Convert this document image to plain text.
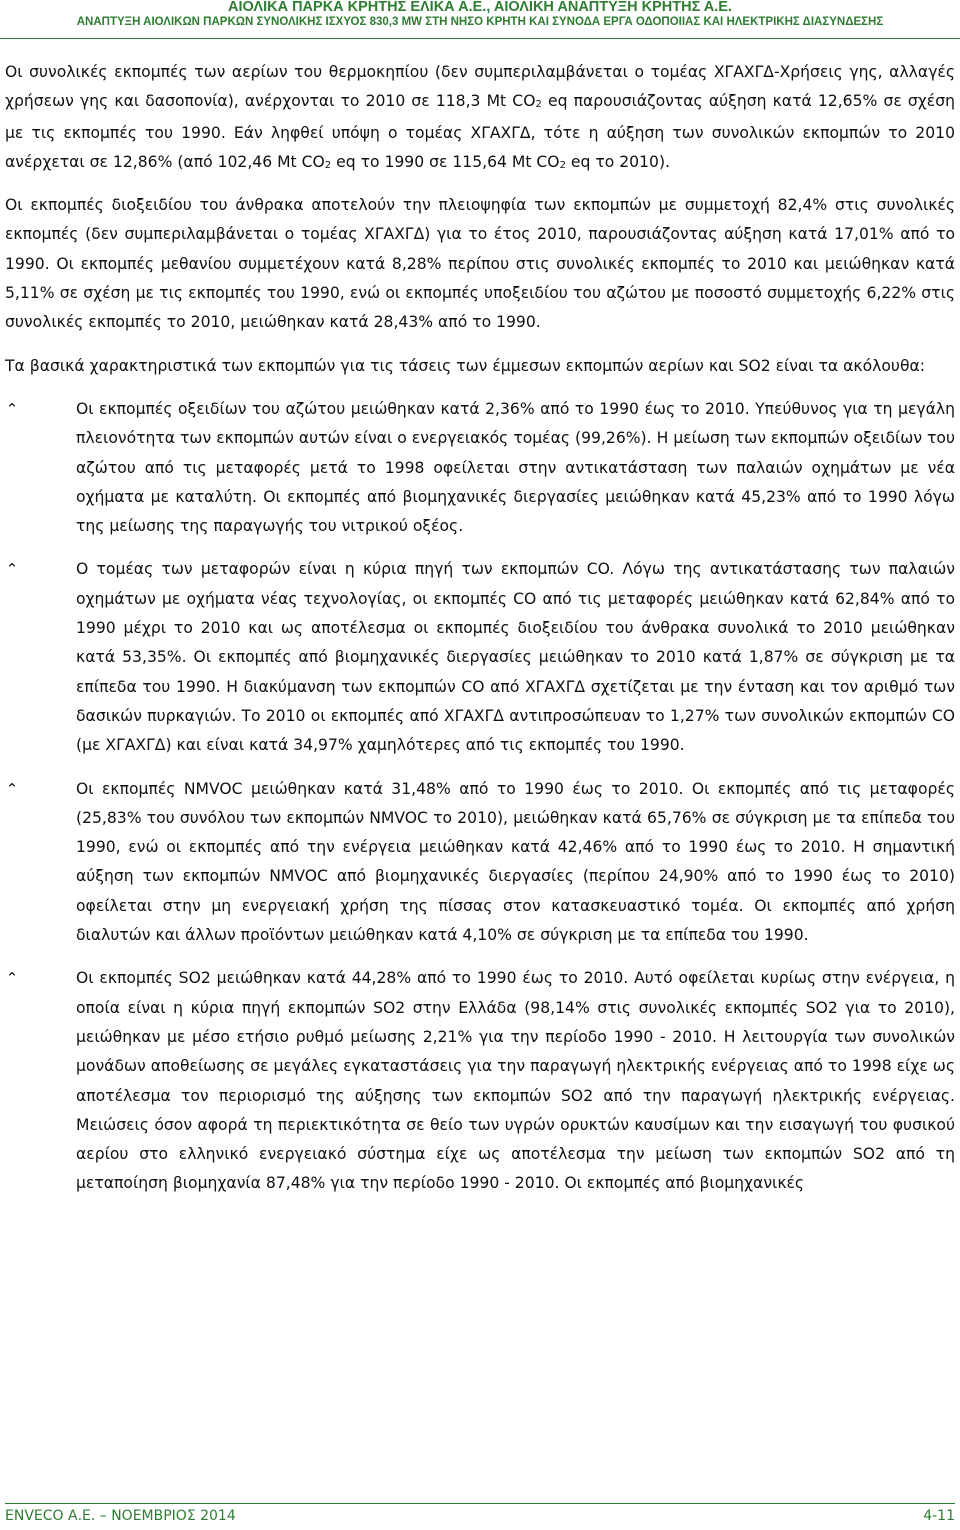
ΑΙΟΛΙΚΑ ΠΑΡΚΑ ΚΡΗΤΗΣ ΕΛΙΚΑ Α.Ε., ΑΙΟΛΙΚΗ ΑΝΑΠΤΥΞΗ ΚΡΗΤΗΣ Α.Ε.
ΑΝΑΠΤΥΞΗ ΑΙΟΛΙΚΩΝ ΠΑΡΚΩΝ ΣΥΝΟΛΙΚΗΣ ΙΣΧΥΟΣ 830,3 MW ΣΤΗ ΝΗΣΟ ΚΡΗΤΗ ΚΑΙ ΣΥΝΟΔΑ ΕΡΓΑ ΟΔΟΠΟΙΙΑΣ ΚΑΙ ΗΛΕΚΤΡΙΚΗΣ ΔΙΑΣΥΝΔΕΣΗΣ

Οι συνολικές εκπομπές των αερίων του θερμοκηπίου (δεν συμπεριλαμβάνεται ο τομέας ΧΓΑΧΓΔ-Χρήσεις γης, αλλαγές χρήσεων γης και δασοπονία), ανέρχονται το 2010 σε 118,3 Mt $CO_2$ eq παρουσιάζοντας αύξηση κατά 12,65% σε σχέση με τις εκπομπές του 1990. Εάν ληφθεί υπόψη ο τομέας ΧΓΑΧΓΔ, τότε η αύξηση των συνολικών εκπομπών το 2010 ανέρχεται σε 12,86% (από 102,46 Mt $CO_2$ eq το 1990 σε 115,64 Mt $CO_2$ eq το 2010).

Οι εκπομπές διοξειδίου του άνθρακα αποτελούν την πλειοψηφία των εκπομπών με συμμετοχή 82,4% στις συνολικές εκπομπές (δεν συμπεριλαμβάνεται ο τομέας ΧΓΑΧΓΔ) για το έτος 2010, παρουσιάζοντας αύξηση κατά 17,01% από το 1990. Οι εκπομπές μεθανίου συμμετέχουν κατά 8,28% περίπου στις συνολικές εκπομπές το 2010 και μειώθηκαν κατά 5,11% σε σχέση με τις εκπομπές του 1990, ενώ οι εκπομπές υποξειδίου του αζώτου με ποσοστό συμμετοχής 6,22% στις συνολικές εκπομπές το 2010, μειώθηκαν κατά 28,43% από το 1990.

Τα βασικά χαρακτηριστικά των εκπομπών για τις τάσεις των έμμεσων εκπομπών αερίων και SO2 είναι τα ακόλουθα:

⌃	Οι εκπομπές οξειδίων του αζώτου μειώθηκαν κατά 2,36% από το 1990 έως το 2010. Υπεύθυνος για τη μεγάλη πλειονότητα των εκπομπών αυτών είναι ο ενεργειακός τομέας (99,26%). Η μείωση των εκπομπών οξειδίων του αζώτου από τις μεταφορές μετά το 1998 οφείλεται στην αντικατάσταση των παλαιών οχημάτων με νέα οχήματα με καταλύτη. Οι εκπομπές από βιομηχανικές διεργασίες μειώθηκαν κατά 45,23% από το 1990 λόγω της μείωσης της παραγωγής του νιτρικού οξέος.
⌃	Ο τομέας των μεταφορών είναι η κύρια πηγή των εκπομπών CO. Λόγω της αντικατάστασης των παλαιών οχημάτων με οχήματα νέας τεχνολογίας, οι εκπομπές CO από τις μεταφορές μειώθηκαν κατά 62,84% από το 1990 μέχρι το 2010 και ως αποτέλεσμα οι εκπομπές διοξειδίου του άνθρακα συνολικά το 2010 μειώθηκαν κατά 53,35%. Οι εκπομπές από βιομηχανικές διεργασίες μειώθηκαν το 2010 κατά 1,87% σε σύγκριση με τα επίπεδα του 1990. Η διακύμανση των εκπομπών CO από ΧΓΑΧΓΔ σχετίζεται με την ένταση και τον αριθμό των δασικών πυρκαγιών. Το 2010 οι εκπομπές από ΧΓΑΧΓΔ αντιπροσώπευαν το 1,27% των συνολικών εκπομπών CO (με ΧΓΑΧΓΔ) και είναι κατά 34,97% χαμηλότερες από τις εκπομπές του 1990.
⌃	Οι εκπομπές NMVOC μειώθηκαν κατά 31,48% από το 1990 έως το 2010. Οι εκπομπές από τις μεταφορές (25,83% του συνόλου των εκπομπών NMVOC το 2010), μειώθηκαν κατά 65,76% σε σύγκριση με τα επίπεδα του 1990, ενώ οι εκπομπές από την ενέργεια μειώθηκαν κατά 42,46% από το 1990 έως το 2010. Η σημαντική αύξηση των εκπομπών NMVOC από βιομηχανικές διεργασίες (περίπου 24,90% από το 1990 έως το 2010) οφείλεται στην μη ενεργειακή χρήση της πίσσας στον κατασκευαστικό τομέα. Οι εκπομπές από χρήση διαλυτών και άλλων προϊόντων μειώθηκαν κατά 4,10% σε σύγκριση με τα επίπεδα του 1990.
⌃	Οι εκπομπές SO2 μειώθηκαν κατά 44,28% από το 1990 έως το 2010. Αυτό οφείλεται κυρίως στην ενέργεια, η οποία είναι η κύρια πηγή εκπομπών SO2 στην Ελλάδα (98,14% στις συνολικές εκπομπές SO2 για το 2010), μειώθηκαν με μέσο ετήσιο ρυθμό μείωσης 2,21% για την περίοδο 1990 - 2010. Η λειτουργία των συνολικών μονάδων αποθείωσης σε μεγάλες εγκαταστάσεις για την παραγωγή ηλεκτρικής ενέργειας από το 1998 είχε ως αποτέλεσμα τον περιορισμό της αύξησης των εκπομπών SO2 από την παραγωγή ηλεκτρικής ενέργειας. Μειώσεις όσον αφορά τη περιεκτικότητα σε θείο των υγρών ορυκτών καυσίμων και την εισαγωγή του φυσικού αερίου στο ελληνικό ενεργειακό σύστημα είχε ως αποτέλεσμα την μείωση των εκπομπών SO2 από τη μεταποίηση βιομηχανία 87,48% για την περίοδο 1990 - 2010. Οι εκπομπές από βιομηχανικές
ENVECO Α.Ε. – ΝΟΕΜΒΡΙΟΣ 2014	4-11
